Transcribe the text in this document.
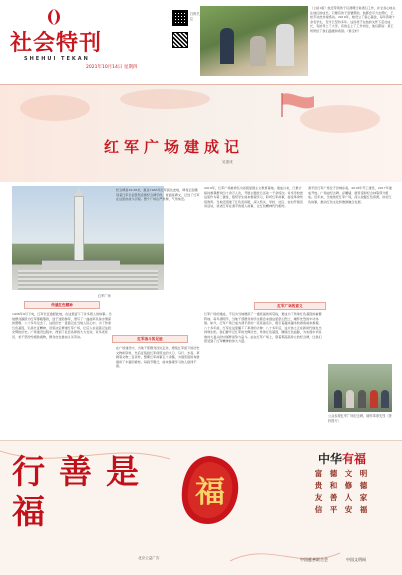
社会特刊
SHEHUI TEKAN
2021年10月14日 星期四
扫码关注
（上接1版）他还带领孩子们清理日常清扫工作，并全身心地关注他们的成长。只要有孩子需要帮助，他都会尽力去帮忙，王桂芳对此非常感动。2019年，她设立了爱心基金，每年资助十余名学生，至今已坚持多年。这些孩子在他的关怀下茁壮成长，有的考上了大学，有的走上了工作岗位，他们都说：是王奶奶给了我们温暖和希望。（紫宝轩）
红军广场建成记
吴建成
红军广场
纪念碑高19.36米，寓意1936年红军到达此地，碑身正面镌刻着红军长征胜利会师纪念碑字样，背面是碑文，记述了红军在这里的战斗历程。整个广场庄严肃穆，气势恢宏。
2019年，红军广场被命名为省级爱国主义教育基地。建成以来，已累计接待参观群众四十余万人次，开展主题党日活动一千余场次。许多学校把这里作为第二课堂，组织学生前来参观学习，聆听红军故事，接受革命传统教育。当地还组建了红色宣讲团，深入机关、学校、社区、农村开展宣讲活动，讲述红军在清平的感人故事，让红色精神代代相传。
清平县红军广场位于县城东南，2016年开工建设，2017年建成开放。广场由纪念碑、浮雕墙、展览馆和纪念林等部分组成。近年来，当地依托红军广场，深入挖掘红色资源，讲好红色故事，推动红色文化和旅游融合发展。
传递红色精神
1936年9月下旬，红军长征途经此地，在这里留下了许多感人的故事。当地群众踊跃为红军筹粮筹款，送子送郎参军，谱写了一曲曲军民鱼水情深的赞歌。八十多年过去了，这段历史一直铭记在当地人民心中。为了传承红色基因，弘扬长征精神，县里决定修建红军广场，让后人永远铭记这段光辉的历史。广场建设过程中，得到了社会各界的大力支持，许多老党员、老干部纷纷捐款捐物，群众自发参加义务劳动。
红军战斗的足迹
在广场建设中，当地干部群众四处走访，搜集红军留下的历史文物和资料，先后征集到红军使用过的大刀、马灯、水壶、草鞋等文物二百余件，整理红军故事五十余篇，为展览馆的布展提供了丰富的素材。每到节假日，前来参观学习的人络绎不绝。
红军广场的意义
红军广场的建成，不仅为当地增添了一道亮丽的风景线，更成为了传承红色基因的重要阵地。每年清明节，当地干部群众和学生都会来到这里祭扫烈士，缅怀先烈的丰功伟绩。如今，红军广场已成为清平县的一张亮丽名片，吸引着越来越多的游客前来参观。八十多年前，红军在这里播下了革命的火种；八十多年后，这片热土正在新时代焕发出勃勃生机。我们要牢记红军的光辉历史，传承红色基因，赓续红色血脉，为实现中华民族伟大复兴的中国梦而努力奋斗。站在红军广场上，望着那高高耸立的纪念碑，让我们感受到了红军精神的伟大力量。
公众参观红军广场纪念碑，缅怀革命先烈（资料图片）
行善是福	福
中华有福
富	德	文	明
贵	和	修	德
友	善	人	家
信	平	安	福
北京公益广告	中国慈善联合会	中国文明网
